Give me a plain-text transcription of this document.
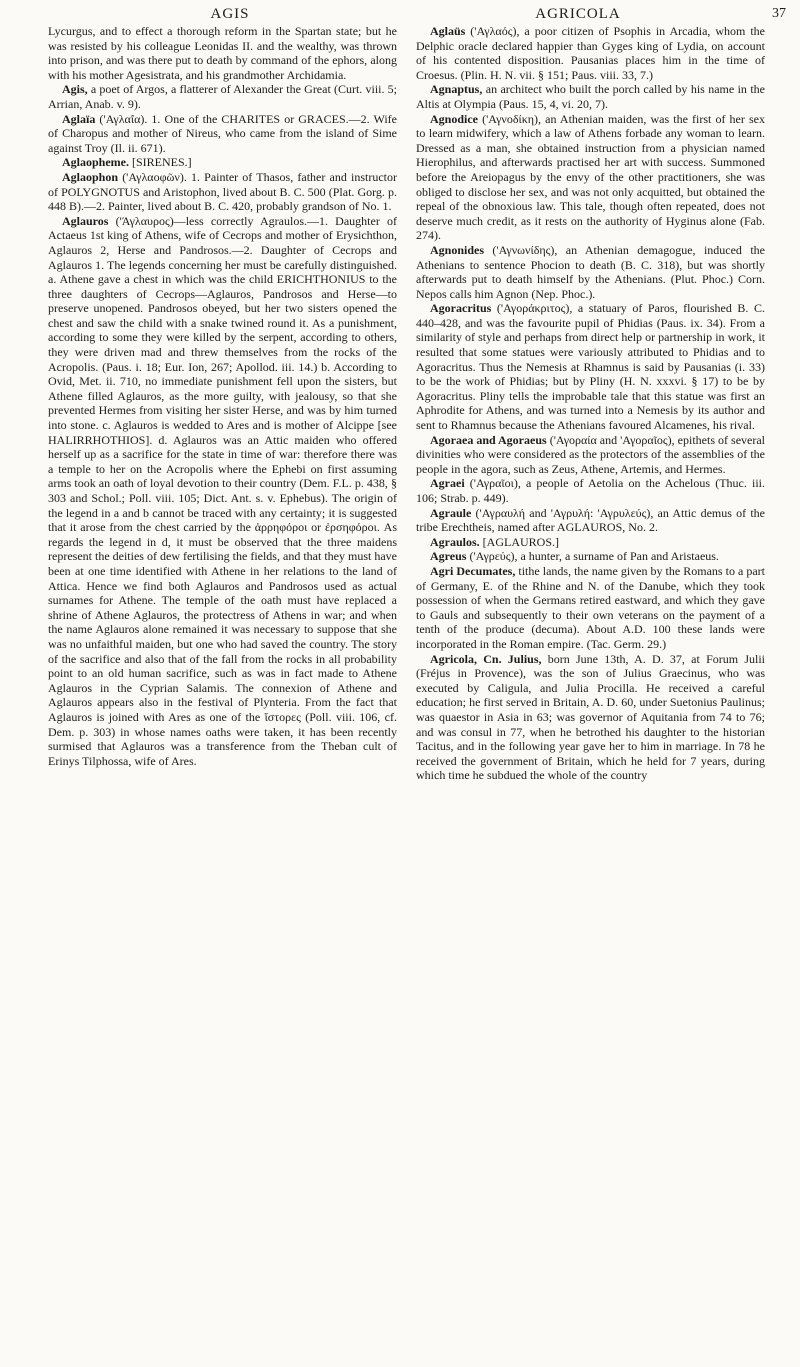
AGIS	AGRICOLA	37

Lycurgus, and to effect a thorough reform in the Spartan state; but he was resisted by his colleague Leonidas II. and the wealthy, was thrown into prison, and was there put to death by command of the ephors, along with his mother Agesistrata, and his grandmother Archidamia.

Agis, a poet of Argos, a flatterer of Alexander the Great (Curt. viii. 5; Arrian, Anab. v. 9).

Aglaïa ('Αγλαΐα). 1. One of the CHARITES or GRACES.—2. Wife of Charopus and mother of Nireus, who came from the island of Sime against Troy (Il. ii. 671).

Aglaopheme. [SIRENES.]

Aglaophon ('Αγλαοφῶν). 1. Painter of Thasos, father and instructor of POLYGNOTUS and Aristophon, lived about B. C. 500 (Plat. Gorg. p. 448 B).—2. Painter, lived about B. C. 420, probably grandson of No. 1.

Aglauros ('Άγλαυρος)—less correctly Agraulos.—1. Daughter of Actaeus 1st king of Athens, wife of Cecrops and mother of Erysichthon, Aglauros 2, Herse and Pandrosos.—2. Daughter of Cecrops and Aglauros 1. The legends concerning her must be carefully distinguished. a. Athene gave a chest in which was the child ERICHTHONIUS to the three daughters of Cecrops—Aglauros, Pandrosos and Herse—to preserve unopened. Pandrosos obeyed, but her two sisters opened the chest and saw the child with a snake twined round it. As a punishment, according to some they were killed by the serpent, according to others, they were driven mad and threw themselves from the rocks of the Acropolis. (Paus. i. 18; Eur. Ion, 267; Apollod. iii. 14.) b. According to Ovid, Met. ii. 710, no immediate punishment fell upon the sisters, but Athene filled Aglauros, as the more guilty, with jealousy, so that she prevented Hermes from visiting her sister Herse, and was by him turned into stone. c. Aglauros is wedded to Ares and is mother of Alcippe [see HALIRRHOTHIOS]. d. Aglauros was an Attic maiden who offered herself up as a sacrifice for the state in time of war: therefore there was a temple to her on the Acropolis where the Ephebi on first assuming arms took an oath of loyal devotion to their country (Dem. F.L. p. 438, § 303 and Schol.; Poll. viii. 105; Dict. Ant. s. v. Ephebus). The origin of the legend in a and b cannot be traced with any certainty; it is suggested that it arose from the chest carried by the ἀρρηφόροι or ἐρσηφόροι. As regards the legend in d, it must be observed that the three maidens represent the deities of dew fertilising the fields, and that they must have been at one time identified with Athene in her relations to the land of Attica. Hence we find both Aglauros and Pandrosos used as actual surnames for Athene. The temple of the oath must have replaced a shrine of Athene Aglauros, the protectress of Athens in war; and when the name Aglauros alone remained it was necessary to suppose that she was no unfaithful maiden, but one who had saved the country. The story of the sacrifice and also that of the fall from the rocks in all probability point to an old human sacrifice, such as was in fact made to Athene Aglauros in the Cyprian Salamis. The connexion of Athene and Aglauros appears also in the festival of Plynteria. From the fact that Aglauros is joined with Ares as one of the ἵστορες (Poll. viii. 106, cf. Dem. p. 303) in whose names oaths were taken, it has been recently surmised that Aglauros was a transference from the Theban cult of Erinys Tilphossa, wife of Ares.

Aglaüs ('Αγλαός), a poor citizen of Psophis in Arcadia, whom the Delphic oracle declared happier than Gyges king of Lydia, on account of his contented disposition. Pausanias places him in the time of Croesus. (Plin. H. N. vii. § 151; Paus. viii. 33, 7.)

Agnaptus, an architect who built the porch called by his name in the Altis at Olympia (Paus. 15, 4, vi. 20, 7).

Agnodice ('Αγνοδίκη), an Athenian maiden, was the first of her sex to learn midwifery, which a law of Athens forbade any woman to learn. Dressed as a man, she obtained instruction from a physician named Hierophilus, and afterwards practised her art with success. Summoned before the Areiopagus by the envy of the other practitioners, she was obliged to disclose her sex, and was not only acquitted, but obtained the repeal of the obnoxious law. This tale, though often repeated, does not deserve much credit, as it rests on the authority of Hyginus alone (Fab. 274).

Agnonides ('Αγνωνίδης), an Athenian demagogue, induced the Athenians to sentence Phocion to death (B. C. 318), but was shortly afterwards put to death himself by the Athenians. (Plut. Phoc.) Corn. Nepos calls him Agnon (Nep. Phoc.).

Agoracritus ('Αγοράκριτος), a statuary of Paros, flourished B. C. 440–428, and was the favourite pupil of Phidias (Paus. ix. 34). From a similarity of style and perhaps from direct help or partnership in work, it resulted that some statues were variously attributed to Phidias and to Agoracritus. Thus the Nemesis at Rhamnus is said by Pausanias (i. 33) to be the work of Phidias; but by Pliny (H. N. xxxvi. § 17) to be by Agoracritus. Pliny tells the improbable tale that this statue was first an Aphrodite for Athens, and was turned into a Nemesis by its author and sent to Rhamnus because the Athenians favoured Alcamenes, his rival.

Agoraea and Agoraeus ('Αγοραία and 'Αγοραῖος), epithets of several divinities who were considered as the protectors of the assemblies of the people in the agora, such as Zeus, Athene, Artemis, and Hermes.

Agraei ('Αγραῖοι), a people of Aetolia on the Achelous (Thuc. iii. 106; Strab. p. 449).

Agraule ('Αγραυλή and 'Αγρυλή: 'Αγρυλεύς), an Attic demus of the tribe Erechtheis, named after AGLAUROS, No. 2.

Agraulos. [AGLAUROS.]

Agreus ('Αγρεύς), a hunter, a surname of Pan and Aristaeus.

Agri Decumates, tithe lands, the name given by the Romans to a part of Germany, E. of the Rhine and N. of the Danube, which they took possession of when the Germans retired eastward, and which they gave to Gauls and subsequently to their own veterans on the payment of a tenth of the produce (decuma). About A.D. 100 these lands were incorporated in the Roman empire. (Tac. Germ. 29.)

Agricola, Cn. Julius, born June 13th, A. D. 37, at Forum Julii (Fréjus in Provence), was the son of Julius Graecinus, who was executed by Caligula, and Julia Procilla. He received a careful education; he first served in Britain, A. D. 60, under Suetonius Paulinus; was quaestor in Asia in 63; was governor of Aquitania from 74 to 76; and was consul in 77, when he betrothed his daughter to the historian Tacitus, and in the following year gave her to him in marriage. In 78 he received the government of Britain, which he held for 7 years, during which time he subdued the whole of the country
